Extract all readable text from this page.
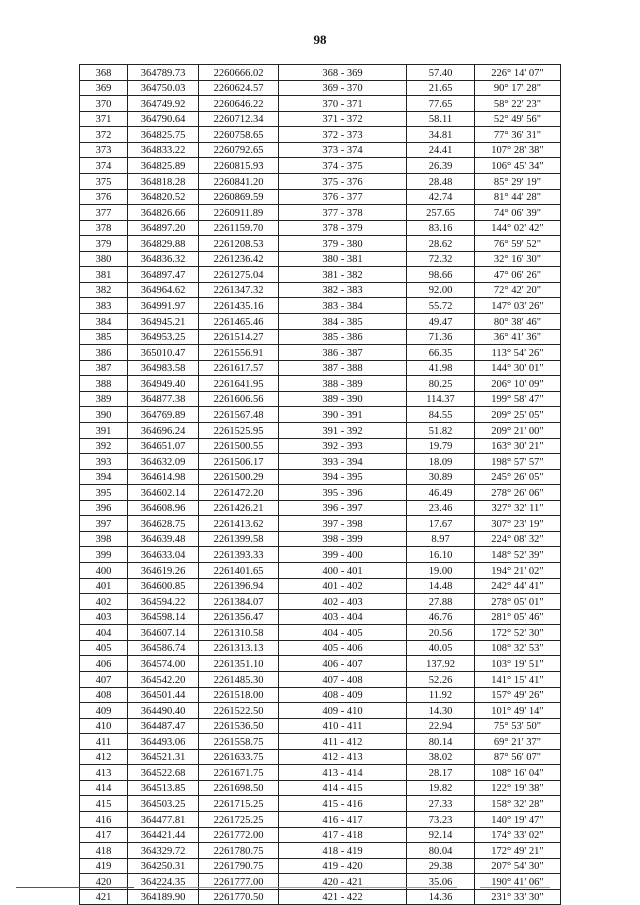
98
368	364789.73	2260666.02	368 - 369	57.40	226° 14' 07"
369	364750.03	2260624.57	369 - 370	21.65	90° 17' 28"
370	364749.92	2260646.22	370 - 371	77.65	58° 22' 23"
371	364790.64	2260712.34	371 - 372	58.11	52° 49' 56"
372	364825.75	2260758.65	372 - 373	34.81	77° 36' 31"
373	364833.22	2260792.65	373 - 374	24.41	107° 28' 38"
374	364825.89	2260815.93	374 - 375	26.39	106° 45' 34"
375	364818.28	2260841.20	375 - 376	28.48	85° 29' 19"
376	364820.52	2260869.59	376 - 377	42.74	81° 44' 28"
377	364826.66	2260911.89	377 - 378	257.65	74° 06' 39"
378	364897.20	2261159.70	378 - 379	83.16	144° 02' 42"
379	364829.88	2261208.53	379 - 380	28.62	76° 59' 52"
380	364836.32	2261236.42	380 - 381	72.32	32° 16' 30"
381	364897.47	2261275.04	381 - 382	98.66	47° 06' 26"
382	364964.62	2261347.32	382 - 383	92.00	72° 42' 20"
383	364991.97	2261435.16	383 - 384	55.72	147° 03' 26"
384	364945.21	2261465.46	384 - 385	49.47	80° 38' 46"
385	364953.25	2261514.27	385 - 386	71.36	36° 41' 36"
386	365010.47	2261556.91	386 - 387	66.35	113° 54' 26"
387	364983.58	2261617.57	387 - 388	41.98	144° 30' 01"
388	364949.40	2261641.95	388 - 389	80.25	206° 10' 09"
389	364877.38	2261606.56	389 - 390	114.37	199° 58' 47"
390	364769.89	2261567.48	390 - 391	84.55	209° 25' 05"
391	364696.24	2261525.95	391 - 392	51.82	209° 21' 00"
392	364651.07	2261500.55	392 - 393	19.79	163° 30' 21"
393	364632.09	2261506.17	393 - 394	18.09	198° 57' 57"
394	364614.98	2261500.29	394 - 395	30.89	245° 26' 05"
395	364602.14	2261472.20	395 - 396	46.49	278° 26' 06"
396	364608.96	2261426.21	396 - 397	23.46	327° 32' 11"
397	364628.75	2261413.62	397 - 398	17.67	307° 23' 19"
398	364639.48	2261399.58	398 - 399	8.97	224° 08' 32"
399	364633.04	2261393.33	399 - 400	16.10	148° 52' 39"
400	364619.26	2261401.65	400 - 401	19.00	194° 21' 02"
401	364600.85	2261396.94	401 - 402	14.48	242° 44' 41"
402	364594.22	2261384.07	402 - 403	27.88	278° 05' 01"
403	364598.14	2261356.47	403 - 404	46.76	281° 05' 46"
404	364607.14	2261310.58	404 - 405	20.56	172° 52' 30"
405	364586.74	2261313.13	405 - 406	40.05	108° 32' 53"
406	364574.00	2261351.10	406 - 407	137.92	103° 19' 51"
407	364542.20	2261485.30	407 - 408	52.26	141° 15' 41"
408	364501.44	2261518.00	408 - 409	11.92	157° 49' 26"
409	364490.40	2261522.50	409 - 410	14.30	101° 49' 14"
410	364487.47	2261536.50	410 - 411	22.94	75° 53' 50"
411	364493.06	2261558.75	411 - 412	80.14	69° 21' 37"
412	364521.31	2261633.75	412 - 413	38.02	87° 56' 07"
413	364522.68	2261671.75	413 - 414	28.17	108° 16' 04"
414	364513.85	2261698.50	414 - 415	19.82	122° 19' 38"
415	364503.25	2261715.25	415 - 416	27.33	158° 32' 28"
416	364477.81	2261725.25	416 - 417	73.23	140° 19' 47"
417	364421.44	2261772.00	417 - 418	92.14	174° 33' 02"
418	364329.72	2261780.75	418 - 419	80.04	172° 49' 21"
419	364250.31	2261790.75	419 - 420	29.38	207° 54' 30"
420	364224.35	2261777.00	420 - 421	35.06	190° 41' 06"
421	364189.90	2261770.50	421 - 422	14.36	231° 33' 30"
